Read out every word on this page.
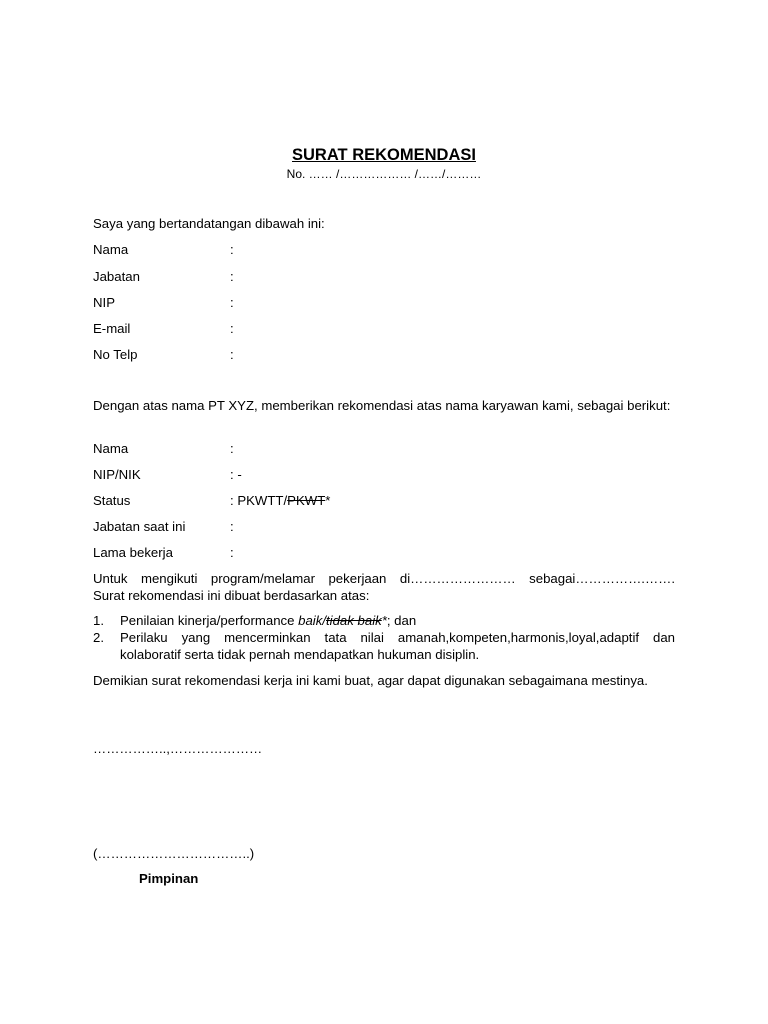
SURAT REKOMENDASI
No. …… /……………… /……/………
Saya yang bertandatangan dibawah ini:
Nama	:
Jabatan	:
NIP	:
E-mail	:
No Telp	:
Dengan atas nama PT XYZ, memberikan rekomendasi atas nama karyawan kami, sebagai berikut:
Nama	:
NIP/NIK	: -
Status	: PKWTT/PKWT*
Jabatan saat ini	:
Lama bekerja	:
Untuk mengikuti program/melamar pekerjaan di…………………… sebagai…………….…….
Surat rekomendasi ini dibuat berdasarkan atas:
1. Penilaian kinerja/performance baik/tidak baik*; dan
2. Perilaku yang mencerminkan tata nilai amanah,kompeten,harmonis,loyal,adaptif dan kolaboratif serta tidak pernah mendapatkan hukuman disiplin.
Demikian surat rekomendasi kerja ini kami buat, agar dapat digunakan sebagaimana mestinya.
……………..,…………………
(……………………………..)
Pimpinan
